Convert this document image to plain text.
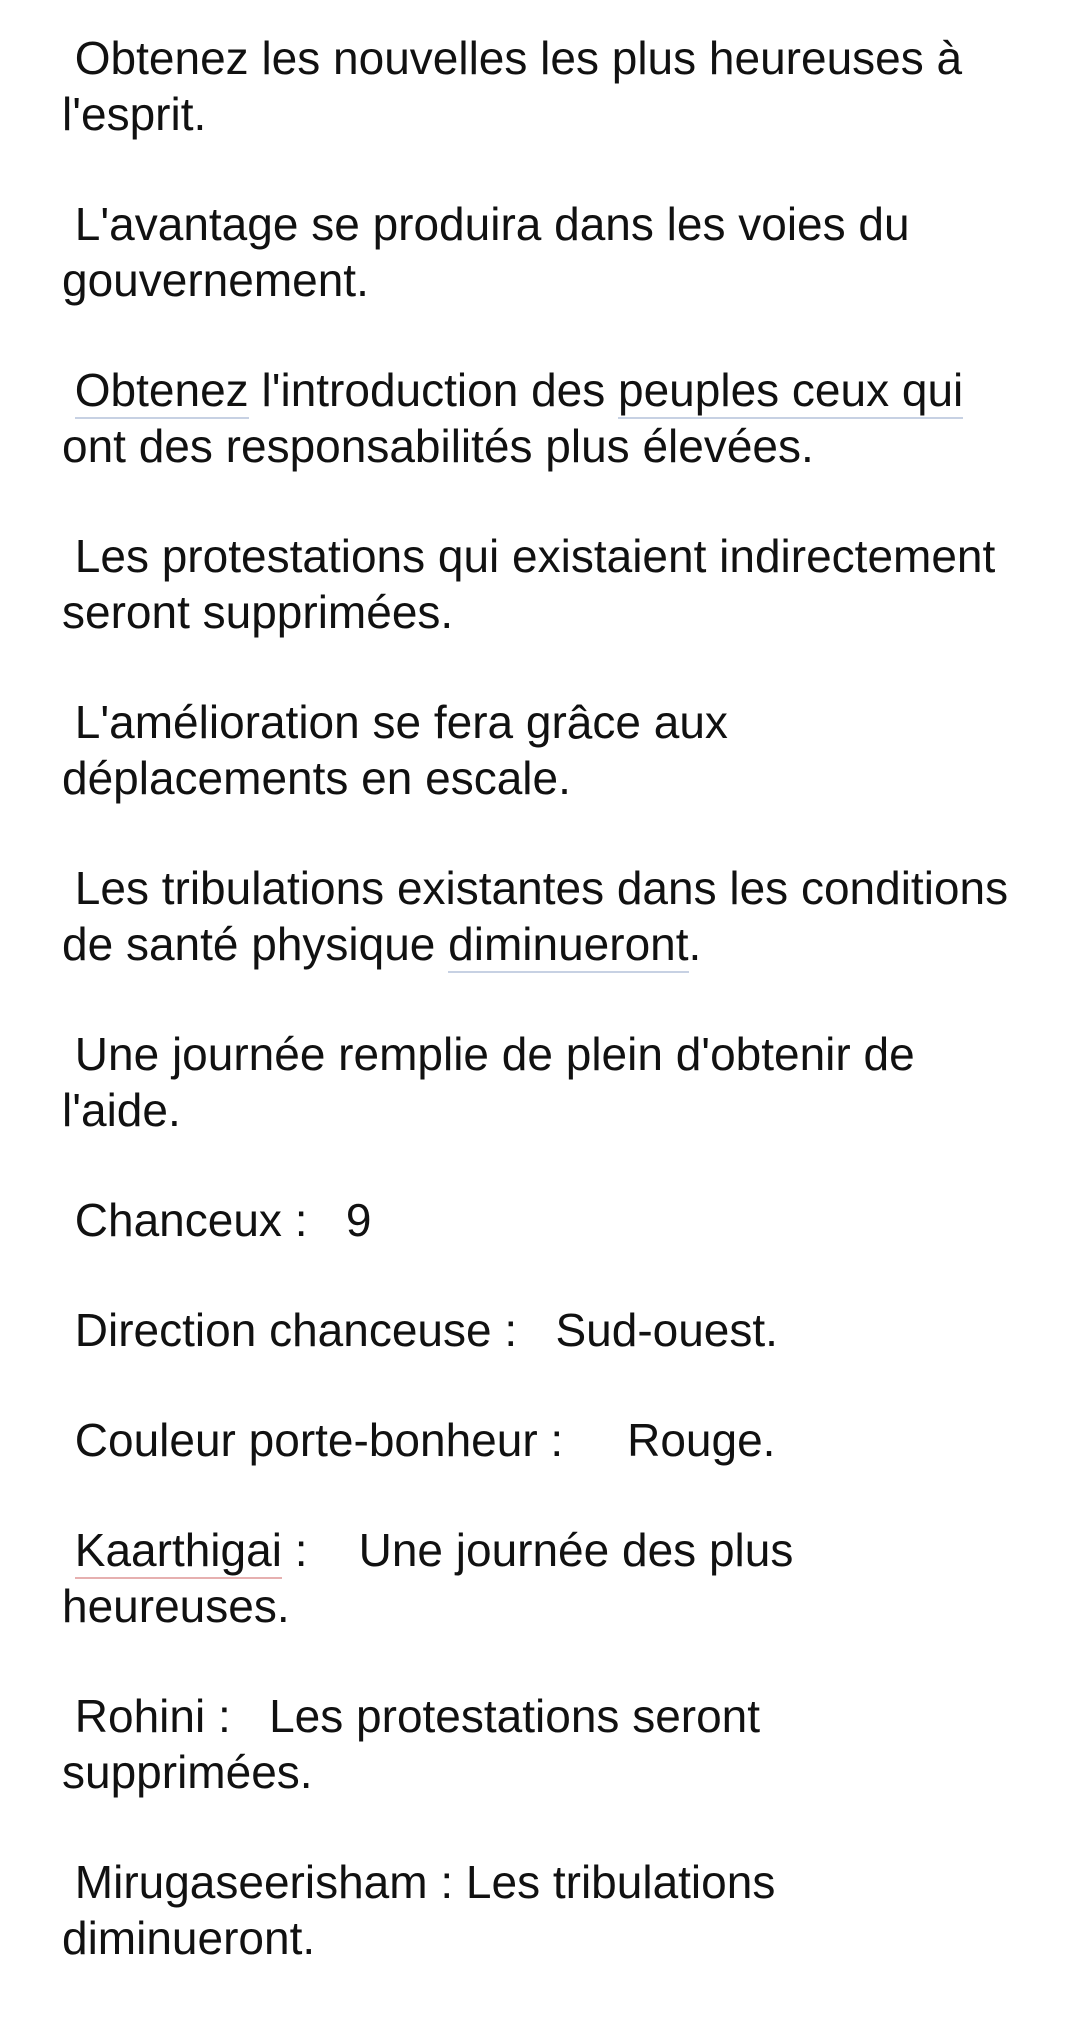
Obtenez les nouvelles les plus heureuses à l'esprit.

L'avantage se produira dans les voies du gouvernement.

Obtenez l'introduction des peuples ceux qui ont des responsabilités plus élevées.

Les protestations qui existaient indirectement seront supprimées.

L'amélioration se fera grâce aux déplacements en escale.

Les tribulations existantes dans les conditions de santé physique diminueront.

Une journée remplie de plein d'obtenir de l'aide.

Chanceux :   9

Direction chanceuse :   Sud-ouest.

Couleur porte-bonheur :     Rouge.

Kaarthigai :    Une journée des plus heureuses.

Rohini :   Les protestations seront supprimées.

Mirugaseerisham : Les tribulations diminueront.
